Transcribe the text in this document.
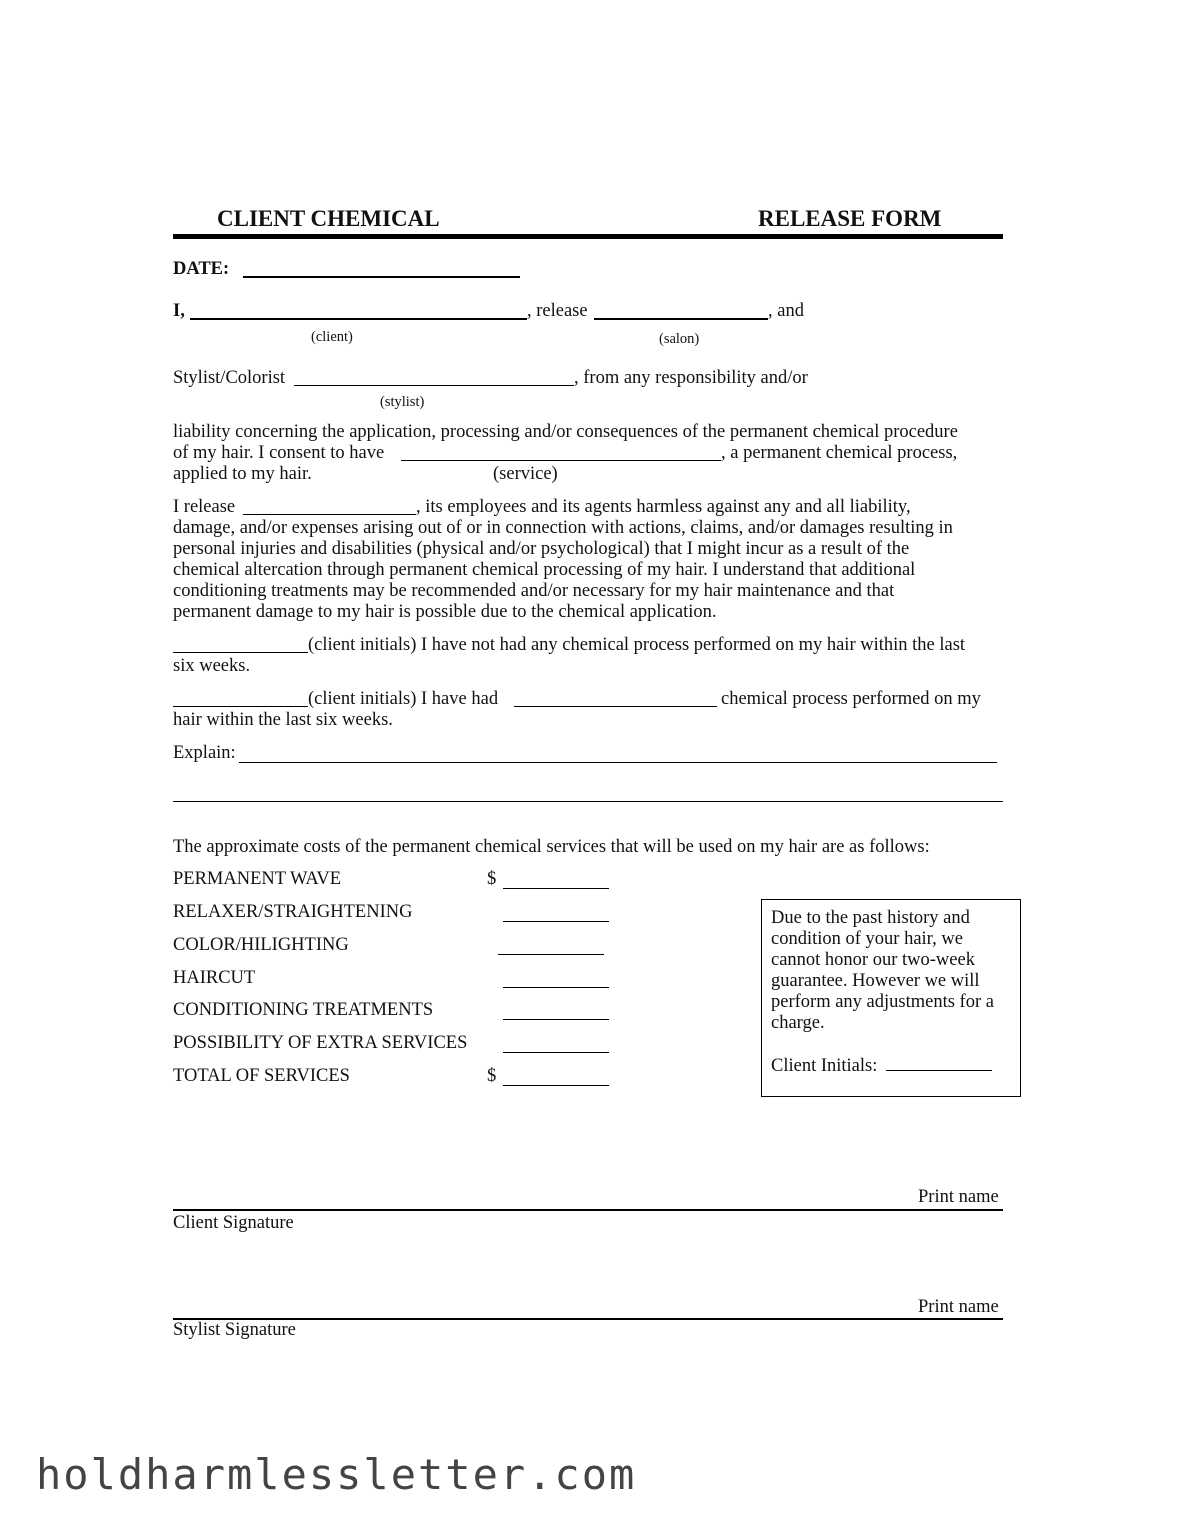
CLIENT CHEMICAL	RELEASE FORM
DATE:
I,	, release	, and
(client)	(salon)
Stylist/Colorist	, from any responsibility and/or
(stylist)
liability concerning the application, processing and/or consequences of the permanent chemical procedure
of my hair. I consent to have	, a permanent chemical process,
applied to my hair.	(service)
I release	, its employees and its agents harmless against any and all liability,
damage, and/or expenses arising out of or in connection with actions, claims, and/or damages resulting in
personal injuries and disabilities (physical and/or psychological) that I might incur as a result of the
chemical altercation through permanent chemical processing of my hair. I understand that additional
conditioning treatments may be recommended and/or necessary for my hair maintenance and that
permanent damage to my hair is possible due to the chemical application.
(client initials) I have not had any chemical process performed on my hair within the last
six weeks.
(client initials) I have had	chemical process performed on my
hair within the last six weeks.
Explain:
The approximate costs of the permanent chemical services that will be used on my hair are as follows:
PERMANENT WAVE	$
RELAXER/STRAIGHTENING
COLOR/HILIGHTING
HAIRCUT
CONDITIONING TREATMENTS
POSSIBILITY OF EXTRA SERVICES
TOTAL OF SERVICES	$
Due to the past history and
condition of your hair, we
cannot honor our two-week
guarantee. However we will
perform any adjustments for a
charge.
Client Initials:
Print name
Client Signature
Print name
Stylist Signature
holdharmlessletter.com
